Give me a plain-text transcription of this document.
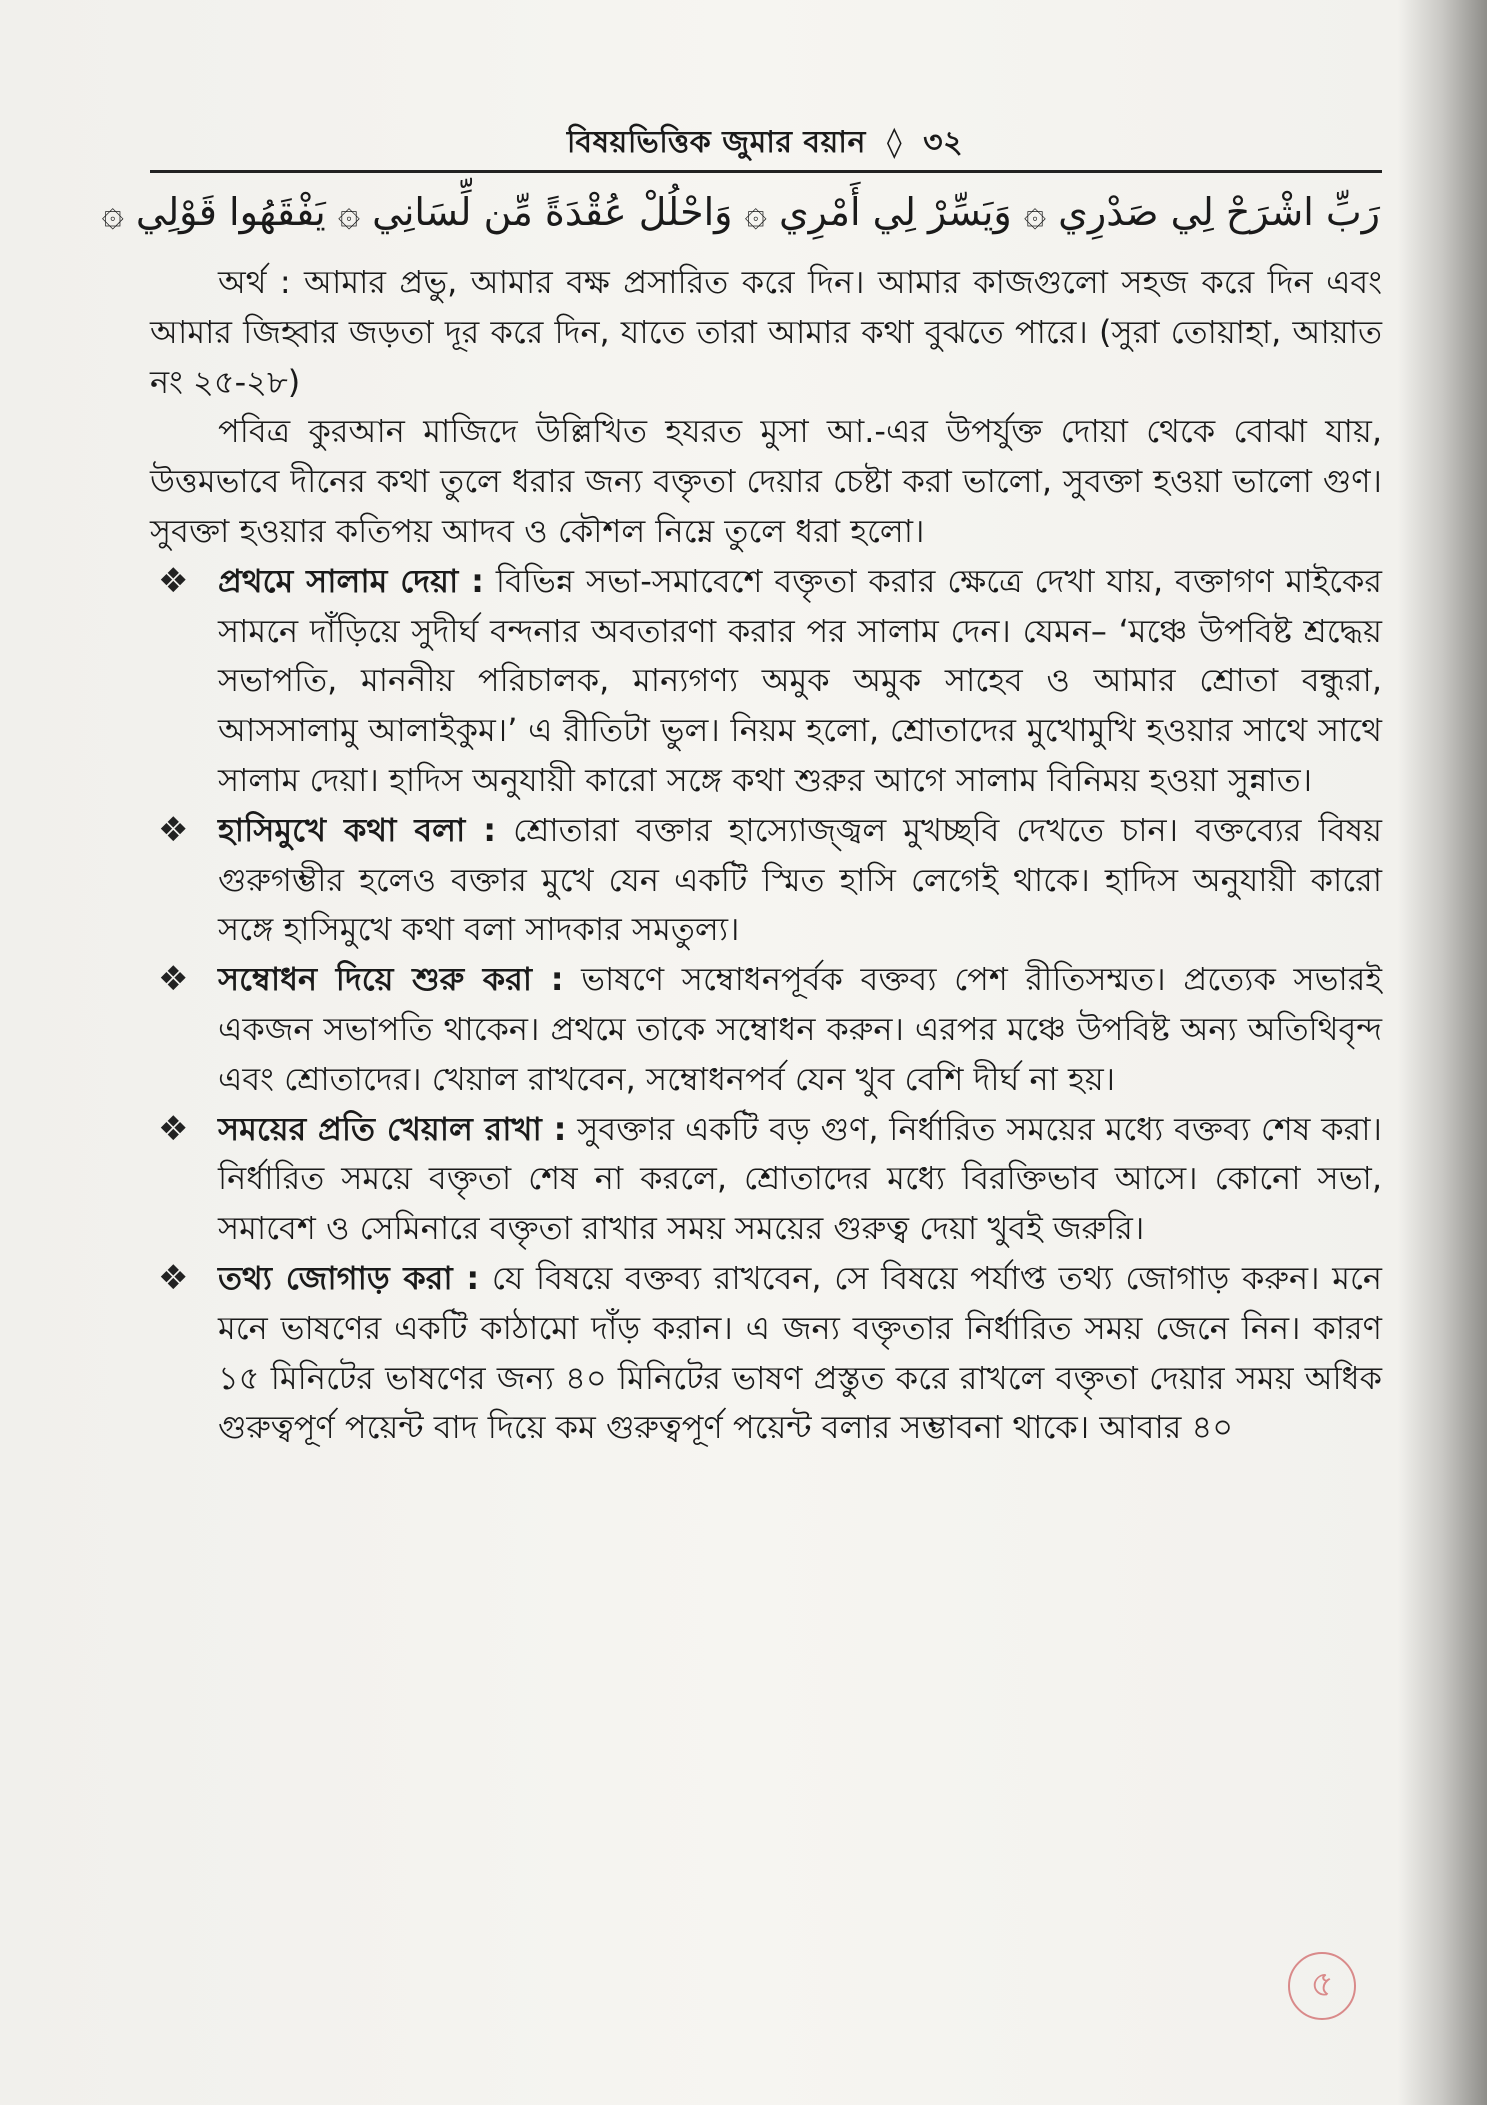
বিষয়ভিত্তিক জুমার বয়ান ◊ ৩২
رَبِّ اشْرَحْ لِي صَدْرِي ۞ وَيَسِّرْ لِي أَمْرِي ۞ وَاحْلُلْ عُقْدَةً مِّن لِّسَانِي ۞ يَفْقَهُوا قَوْلِي ۞

অর্থ : আমার প্রভু, আমার বক্ষ প্রসারিত করে দিন। আমার কাজগুলো সহজ করে দিন এবং আমার জিহ্বার জড়তা দূর করে দিন, যাতে তারা আমার কথা বুঝতে পারে। (সুরা তোয়াহা, আয়াত নং ২৫-২৮)

পবিত্র কুরআন মাজিদে উল্লিখিত হযরত মুসা আ.-এর উপর্যুক্ত দোয়া থেকে বোঝা যায়, উত্তমভাবে দীনের কথা তুলে ধরার জন্য বক্তৃতা দেয়ার চেষ্টা করা ভালো, সুবক্তা হওয়া ভালো গুণ। সুবক্তা হওয়ার কতিপয় আদব ও কৌশল নিম্নে তুলে ধরা হলো।

❖ প্রথমে সালাম দেয়া : বিভিন্ন সভা-সমাবেশে বক্তৃতা করার ক্ষেত্রে দেখা যায়, বক্তাগণ মাইকের সামনে দাঁড়িয়ে সুদীর্ঘ বন্দনার অবতারণা করার পর সালাম দেন। যেমন– ‘মঞ্চে উপবিষ্ট শ্রদ্ধেয় সভাপতি, মাননীয় পরিচালক, মান্যগণ্য অমুক অমুক সাহেব ও আমার শ্রোতা বন্ধুরা, আসসালামু আলাইকুম।’ এ রীতিটা ভুল। নিয়ম হলো, শ্রোতাদের মুখোমুখি হওয়ার সাথে সাথে সালাম দেয়া। হাদিস অনুযায়ী কারো সঙ্গে কথা শুরুর আগে সালাম বিনিময় হওয়া সুন্নাত।

❖ হাসিমুখে কথা বলা : শ্রোতারা বক্তার হাস্যোজ্জ্বল মুখচ্ছবি দেখতে চান। বক্তব্যের বিষয় গুরুগম্ভীর হলেও বক্তার মুখে যেন একটি স্মিত হাসি লেগেই থাকে। হাদিস অনুযায়ী কারো সঙ্গে হাসিমুখে কথা বলা সাদকার সমতুল্য।

❖ সম্বোধন দিয়ে শুরু করা : ভাষণে সম্বোধনপূর্বক বক্তব্য পেশ রীতিসম্মত। প্রত্যেক সভারই একজন সভাপতি থাকেন। প্রথমে তাকে সম্বোধন করুন। এরপর মঞ্চে উপবিষ্ট অন্য অতিথিবৃন্দ এবং শ্রোতাদের। খেয়াল রাখবেন, সম্বোধনপর্ব যেন খুব বেশি দীর্ঘ না হয়।

❖ সময়ের প্রতি খেয়াল রাখা : সুবক্তার একটি বড় গুণ, নির্ধারিত সময়ের মধ্যে বক্তব্য শেষ করা। নির্ধারিত সময়ে বক্তৃতা শেষ না করলে, শ্রোতাদের মধ্যে বিরক্তিভাব আসে। কোনো সভা, সমাবেশ ও সেমিনারে বক্তৃতা রাখার সময় সময়ের গুরুত্ব দেয়া খুবই জরুরি।

❖ তথ্য জোগাড় করা : যে বিষয়ে বক্তব্য রাখবেন, সে বিষয়ে পর্যাপ্ত তথ্য জোগাড় করুন। মনে মনে ভাষণের একটি কাঠামো দাঁড় করান। এ জন্য বক্তৃতার নির্ধারিত সময় জেনে নিন। কারণ ১৫ মিনিটের ভাষণের জন্য ৪০ মিনিটের ভাষণ প্রস্তুত করে রাখলে বক্তৃতা দেয়ার সময় অধিক গুরুত্বপূর্ণ পয়েন্ট বাদ দিয়ে কম গুরুত্বপূর্ণ পয়েন্ট বলার সম্ভাবনা থাকে। আবার ৪০

৫
